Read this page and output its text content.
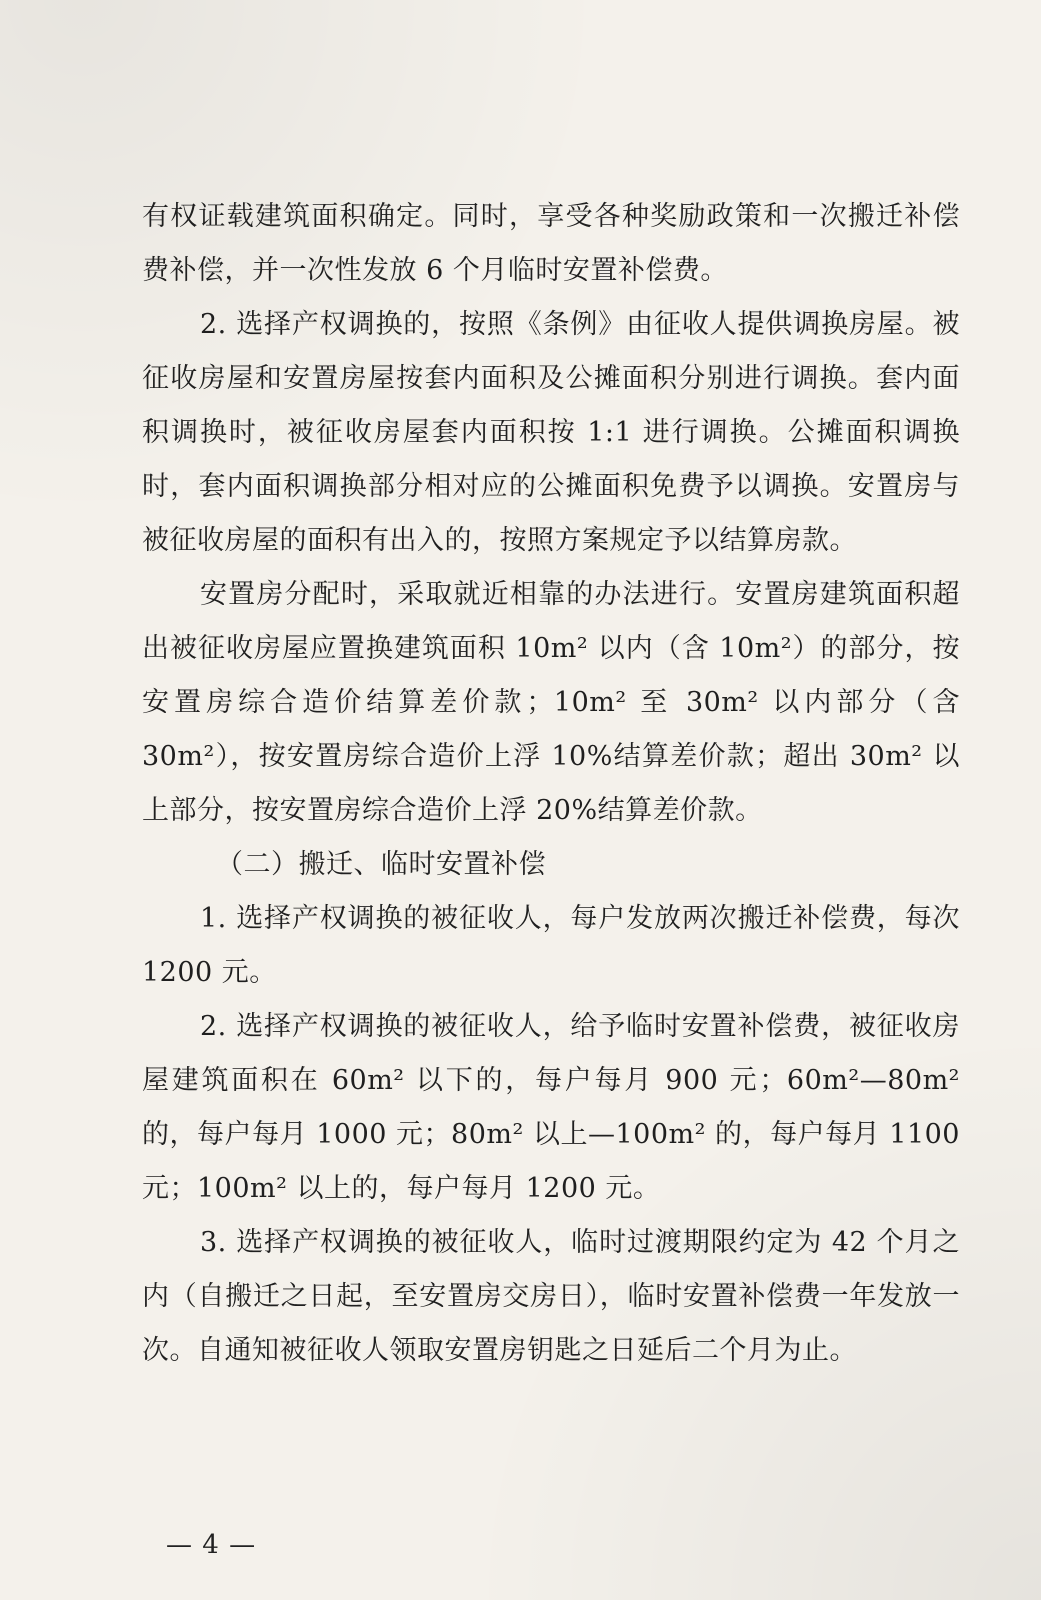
有权证载建筑面积确定。同时，享受各种奖励政策和一次搬迁补偿费补偿，并一次性发放 6 个月临时安置补偿费。

2. 选择产权调换的，按照《条例》由征收人提供调换房屋。被征收房屋和安置房屋按套内面积及公摊面积分别进行调换。套内面积调换时，被征收房屋套内面积按 1:1 进行调换。公摊面积调换时，套内面积调换部分相对应的公摊面积免费予以调换。安置房与被征收房屋的面积有出入的，按照方案规定予以结算房款。

安置房分配时，采取就近相靠的办法进行。安置房建筑面积超出被征收房屋应置换建筑面积 10m² 以内（含 10m²）的部分，按安置房综合造价结算差价款；10m² 至 30m² 以内部分（含 30m²），按安置房综合造价上浮 10%结算差价款；超出 30m² 以上部分，按安置房综合造价上浮 20%结算差价款。

（二）搬迁、临时安置补偿

1. 选择产权调换的被征收人，每户发放两次搬迁补偿费，每次 1200 元。

2. 选择产权调换的被征收人，给予临时安置补偿费，被征收房屋建筑面积在 60m² 以下的，每户每月 900 元；60m²—80m² 的，每户每月 1000 元；80m² 以上—100m² 的，每户每月 1100 元；100m² 以上的，每户每月 1200 元。

3. 选择产权调换的被征收人，临时过渡期限约定为 42 个月之内（自搬迁之日起，至安置房交房日），临时安置补偿费一年发放一次。自通知被征收人领取安置房钥匙之日延后二个月为止。

— 4 —
